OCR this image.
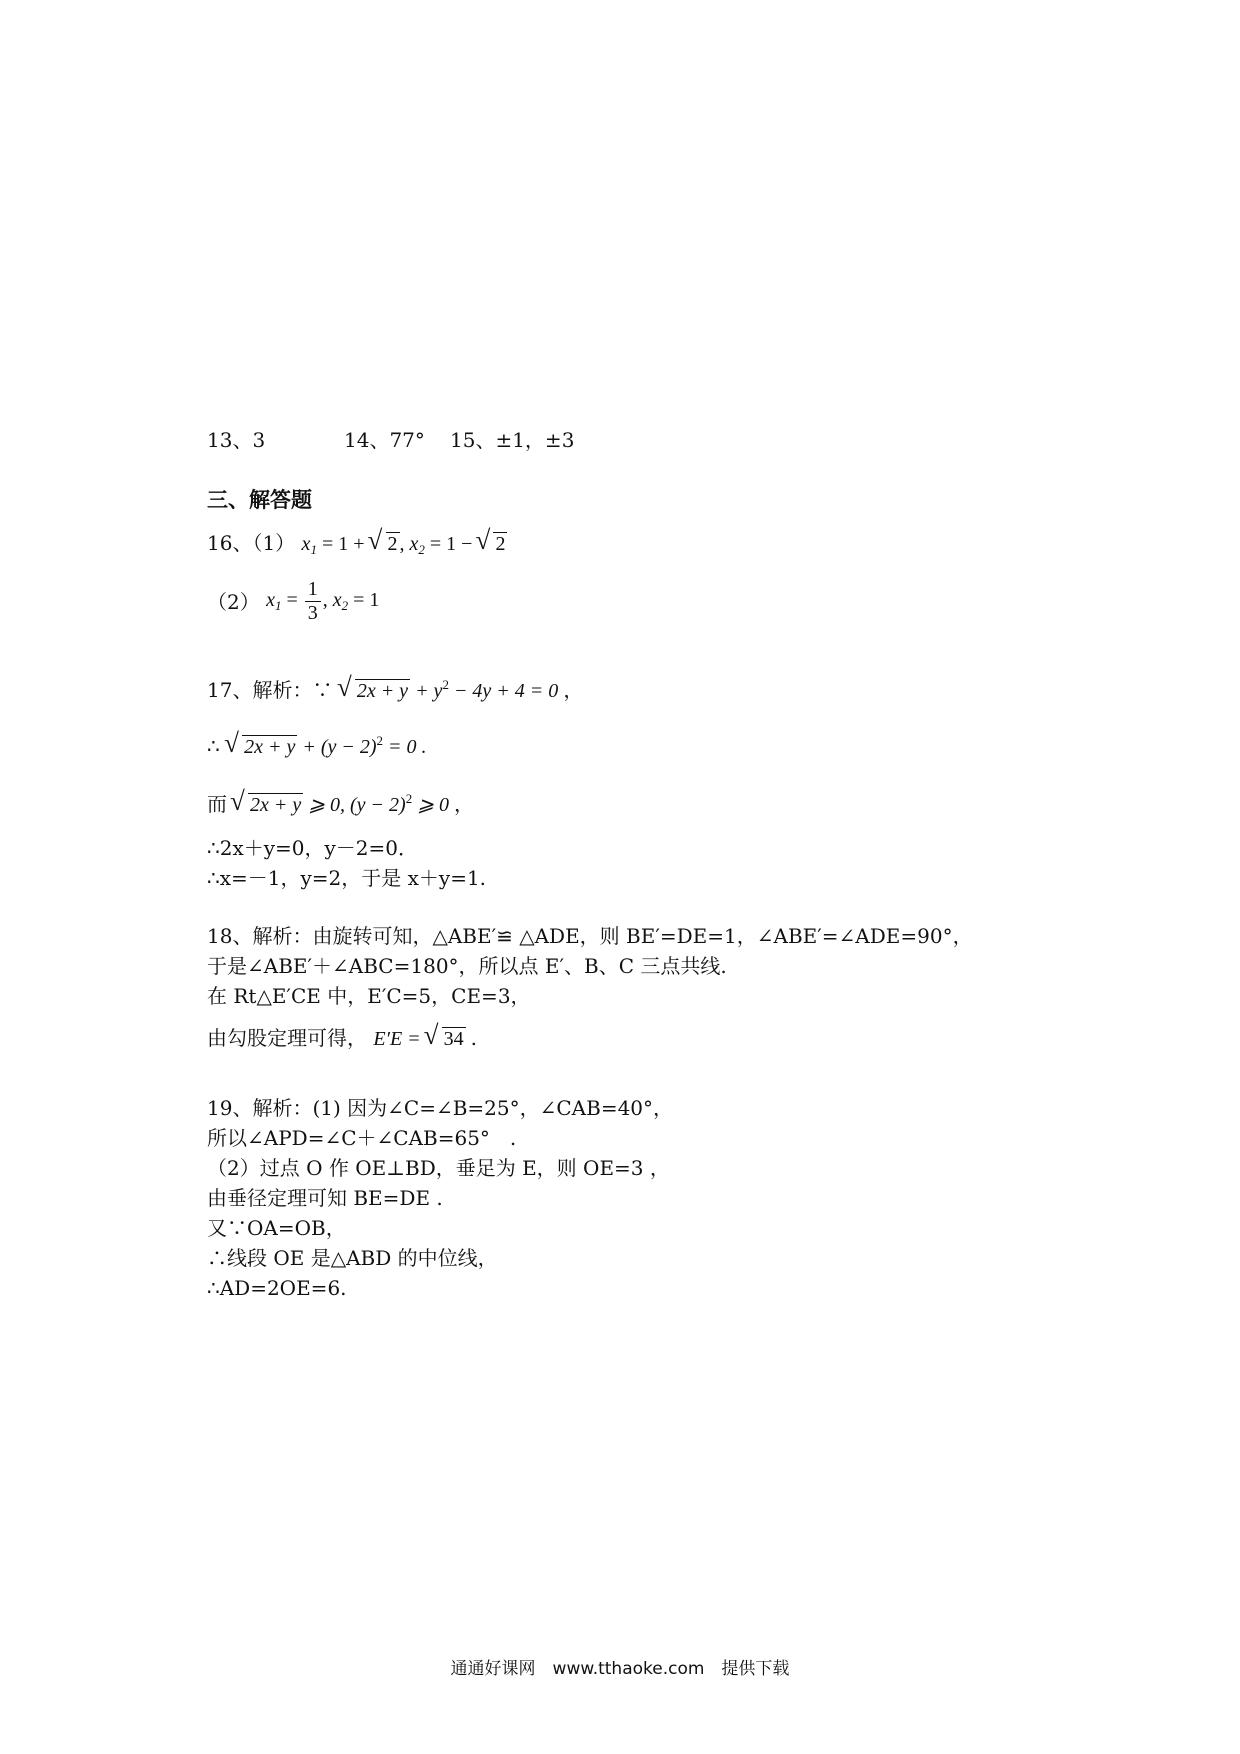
13、3	14、77° 15、±1，±3
三、解答题
16、（1） $x_1 = 1$ + √ 2 , $x_2 = 1$ − √ 2
（2） $x_1 = \frac{1}{3}$ , $x_2 = 1$
17、解析：∵ √ $2x + y + y^2 - 4y + 4 = 0$ ，
∴ √ $2x + y + (y - 2)^2 = 0$ .
而 √ 2x + y ⩾ 0, $(y - 2)^2$ ⩾ 0 ，
∴2x＋y=0，y－2=0．
∴x=－1，y=2，于是 x＋y=1.
18、解析：由旋转可知，△ABE′≌ △ADE，则 BE′=DE=1，∠ABE′=∠ADE=90°，
于是∠ABE′＋∠ABC=180°，所以点 E′、B、C 三点共线.
在 Rt△E′CE 中，E′C=5，CE=3，
由勾股定理可得， E′E = √ 34 .
19、解析：(1) 因为∠C=∠B=25°，∠CAB=40°，
所以∠APD=∠C＋∠CAB=65°　.
（2）过点 O 作 OE⊥BD，垂足为 E，则 OE=3 ，
由垂径定理可知 BE=DE .
又∵OA=OB，
∴线段 OE 是△ABD 的中位线，
∴AD=2OE=6.
通通好课网　www.tthaoke.com　提供下载
